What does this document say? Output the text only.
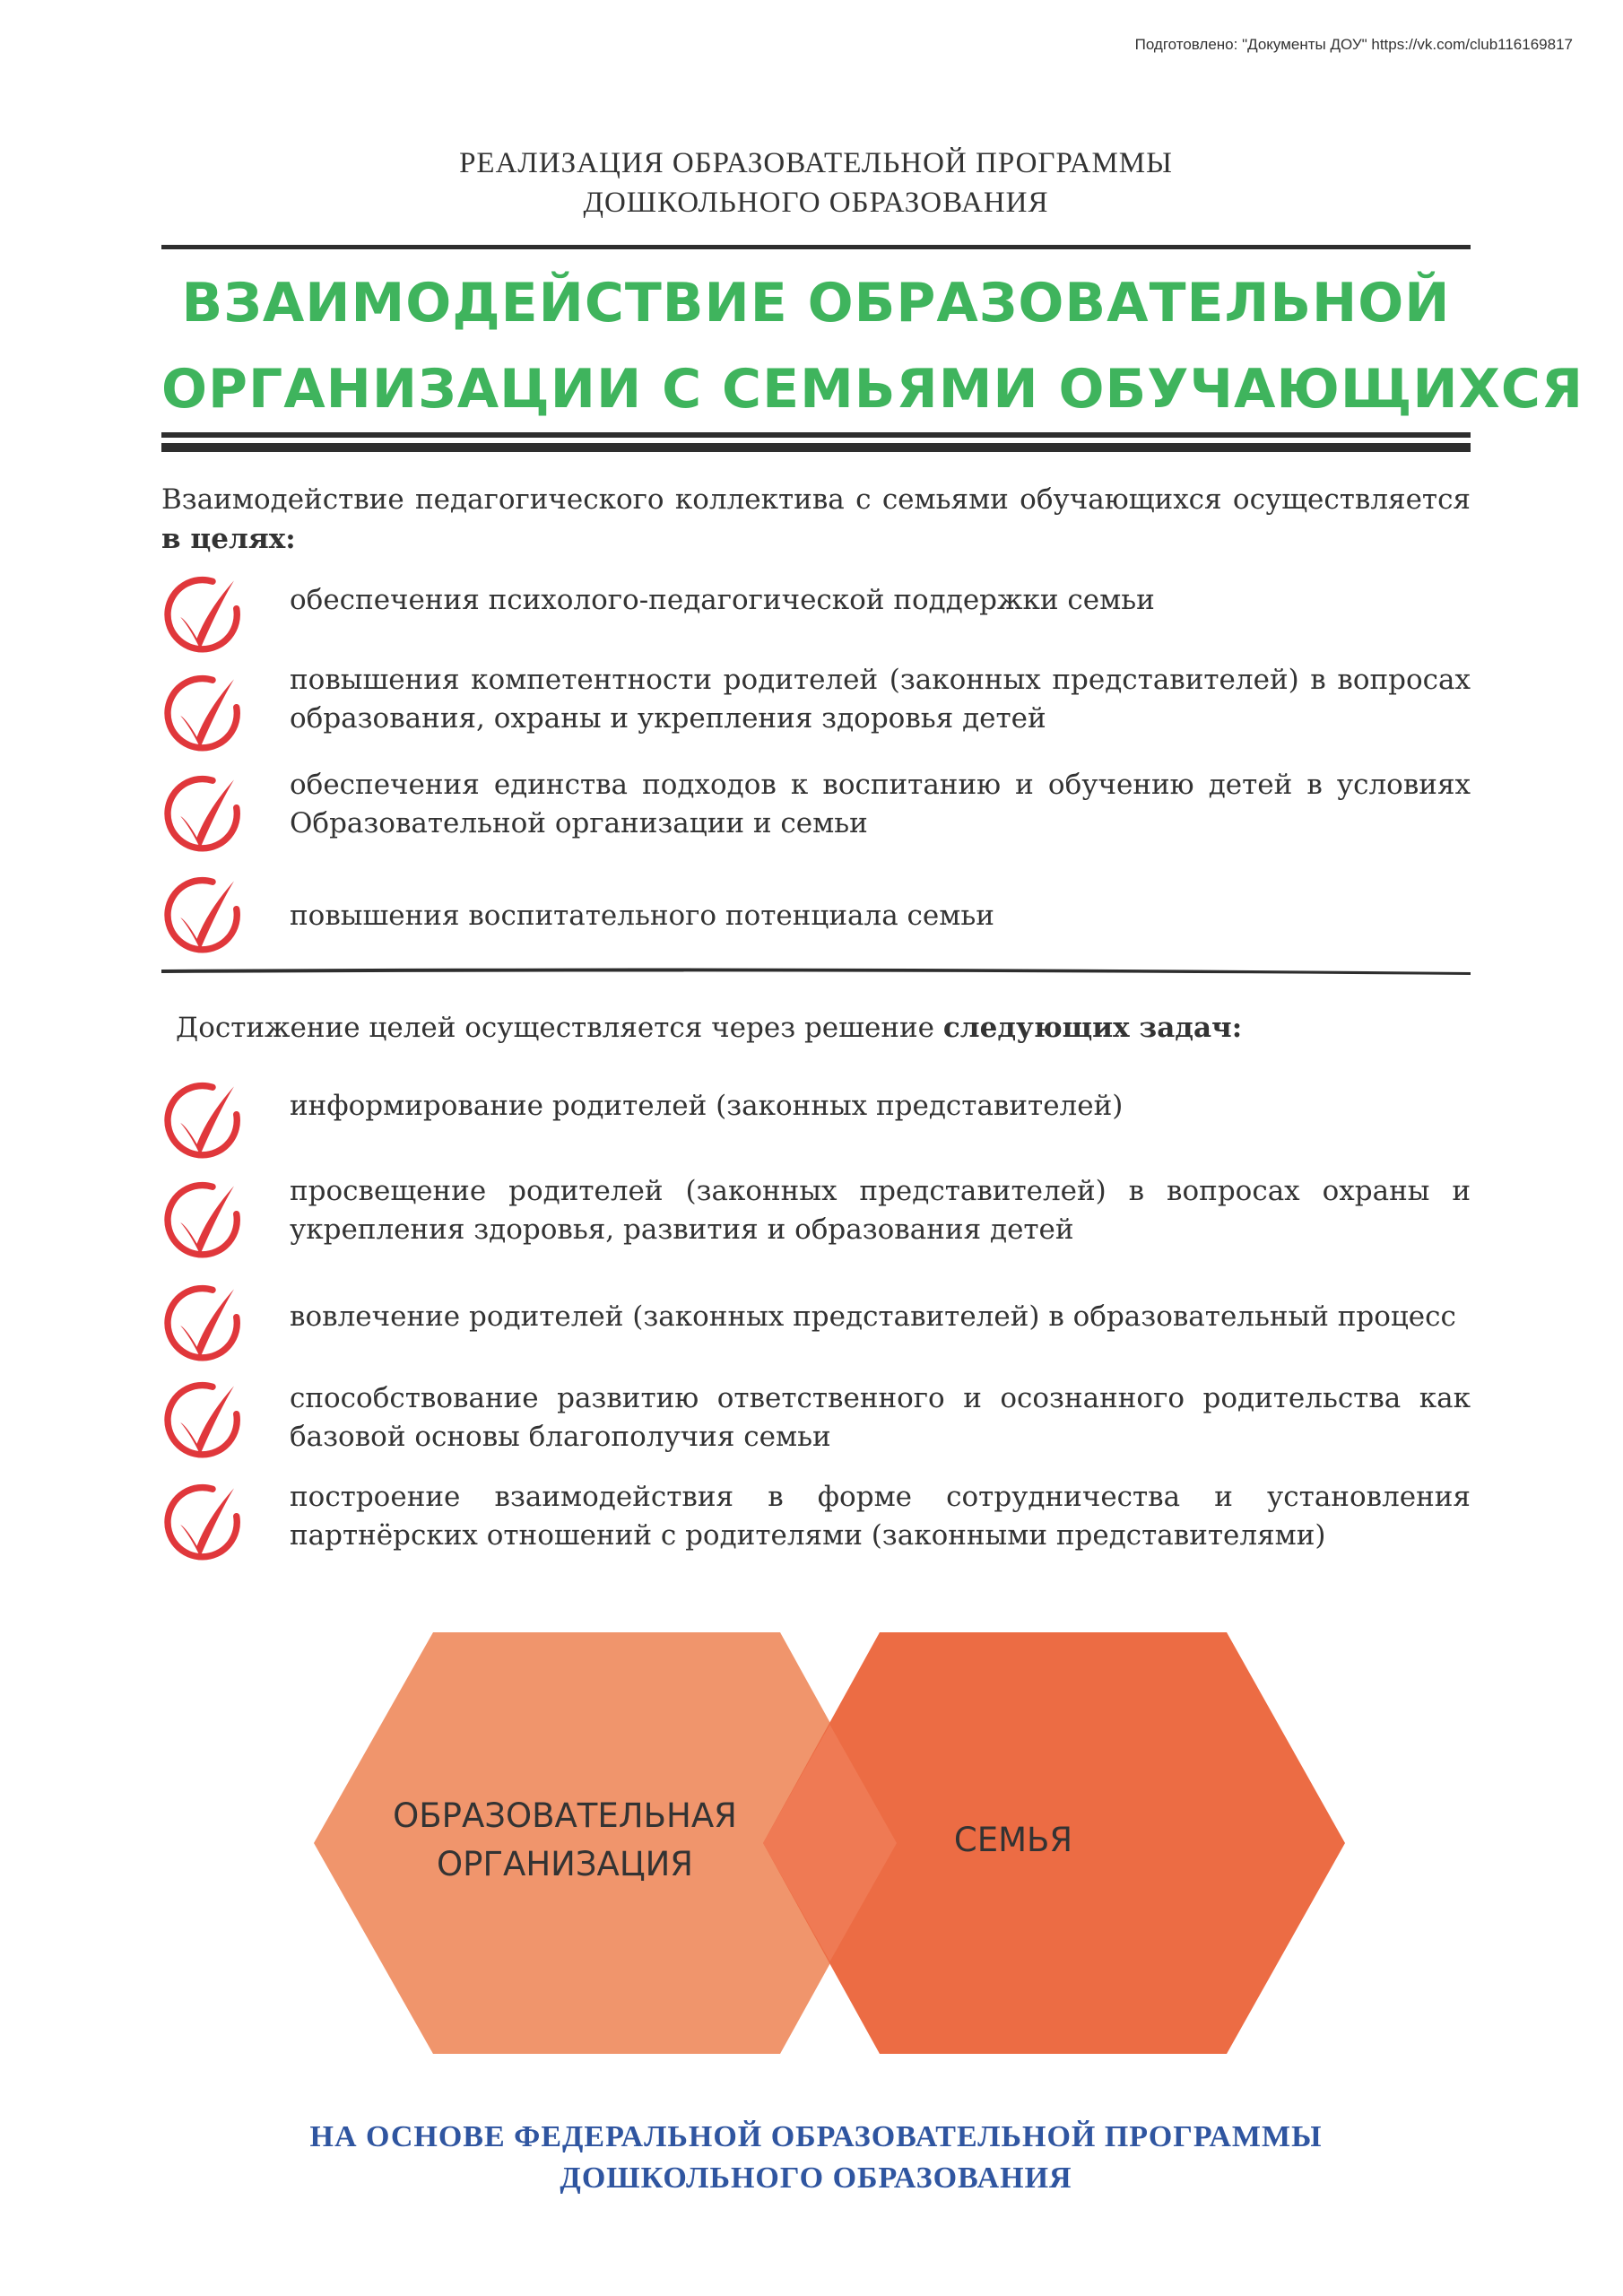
Подготовлено: "Документы ДОУ" https://vk.com/club116169817
РЕАЛИЗАЦИЯ ОБРАЗОВАТЕЛЬНОЙ ПРОГРАММЫ
ДОШКОЛЬНОГО ОБРАЗОВАНИЯ
ВЗАИМОДЕЙСТВИЕ ОБРАЗОВАТЕЛЬНОЙ
ОРГАНИЗАЦИИ С СЕМЬЯМИ ОБУЧАЮЩИХСЯ
Взаимодействие педагогического коллектива с семьями обучающихся осуществляется в целях:
обеспечения психолого-педагогической поддержки семьи
повышения компетентности родителей (законных представителей) в вопросах образования, охраны и укрепления здоровья детей
обеспечения единства подходов к воспитанию и обучению детей в условиях Образовательной организации и семьи
повышения воспитательного потенциала семьи
Достижение целей осуществляется через решение следующих задач:
информирование родителей (законных представителей)
просвещение родителей (законных представителей) в вопросах охраны и укрепления здоровья, развития и образования детей
вовлечение родителей (законных представителей) в образовательный процесс
способствование развитию ответственного и осознанного родительства как базовой основы благополучия семьи
построение взаимодействия в форме сотрудничества и установления партнёрских отношений с родителями (законными представителями)
ОБРАЗОВАТЕЛЬНАЯ
ОРГАНИЗАЦИЯ
СЕМЬЯ
НА ОСНОВЕ ФЕДЕРАЛЬНОЙ ОБРАЗОВАТЕЛЬНОЙ ПРОГРАММЫ
ДОШКОЛЬНОГО ОБРАЗОВАНИЯ
